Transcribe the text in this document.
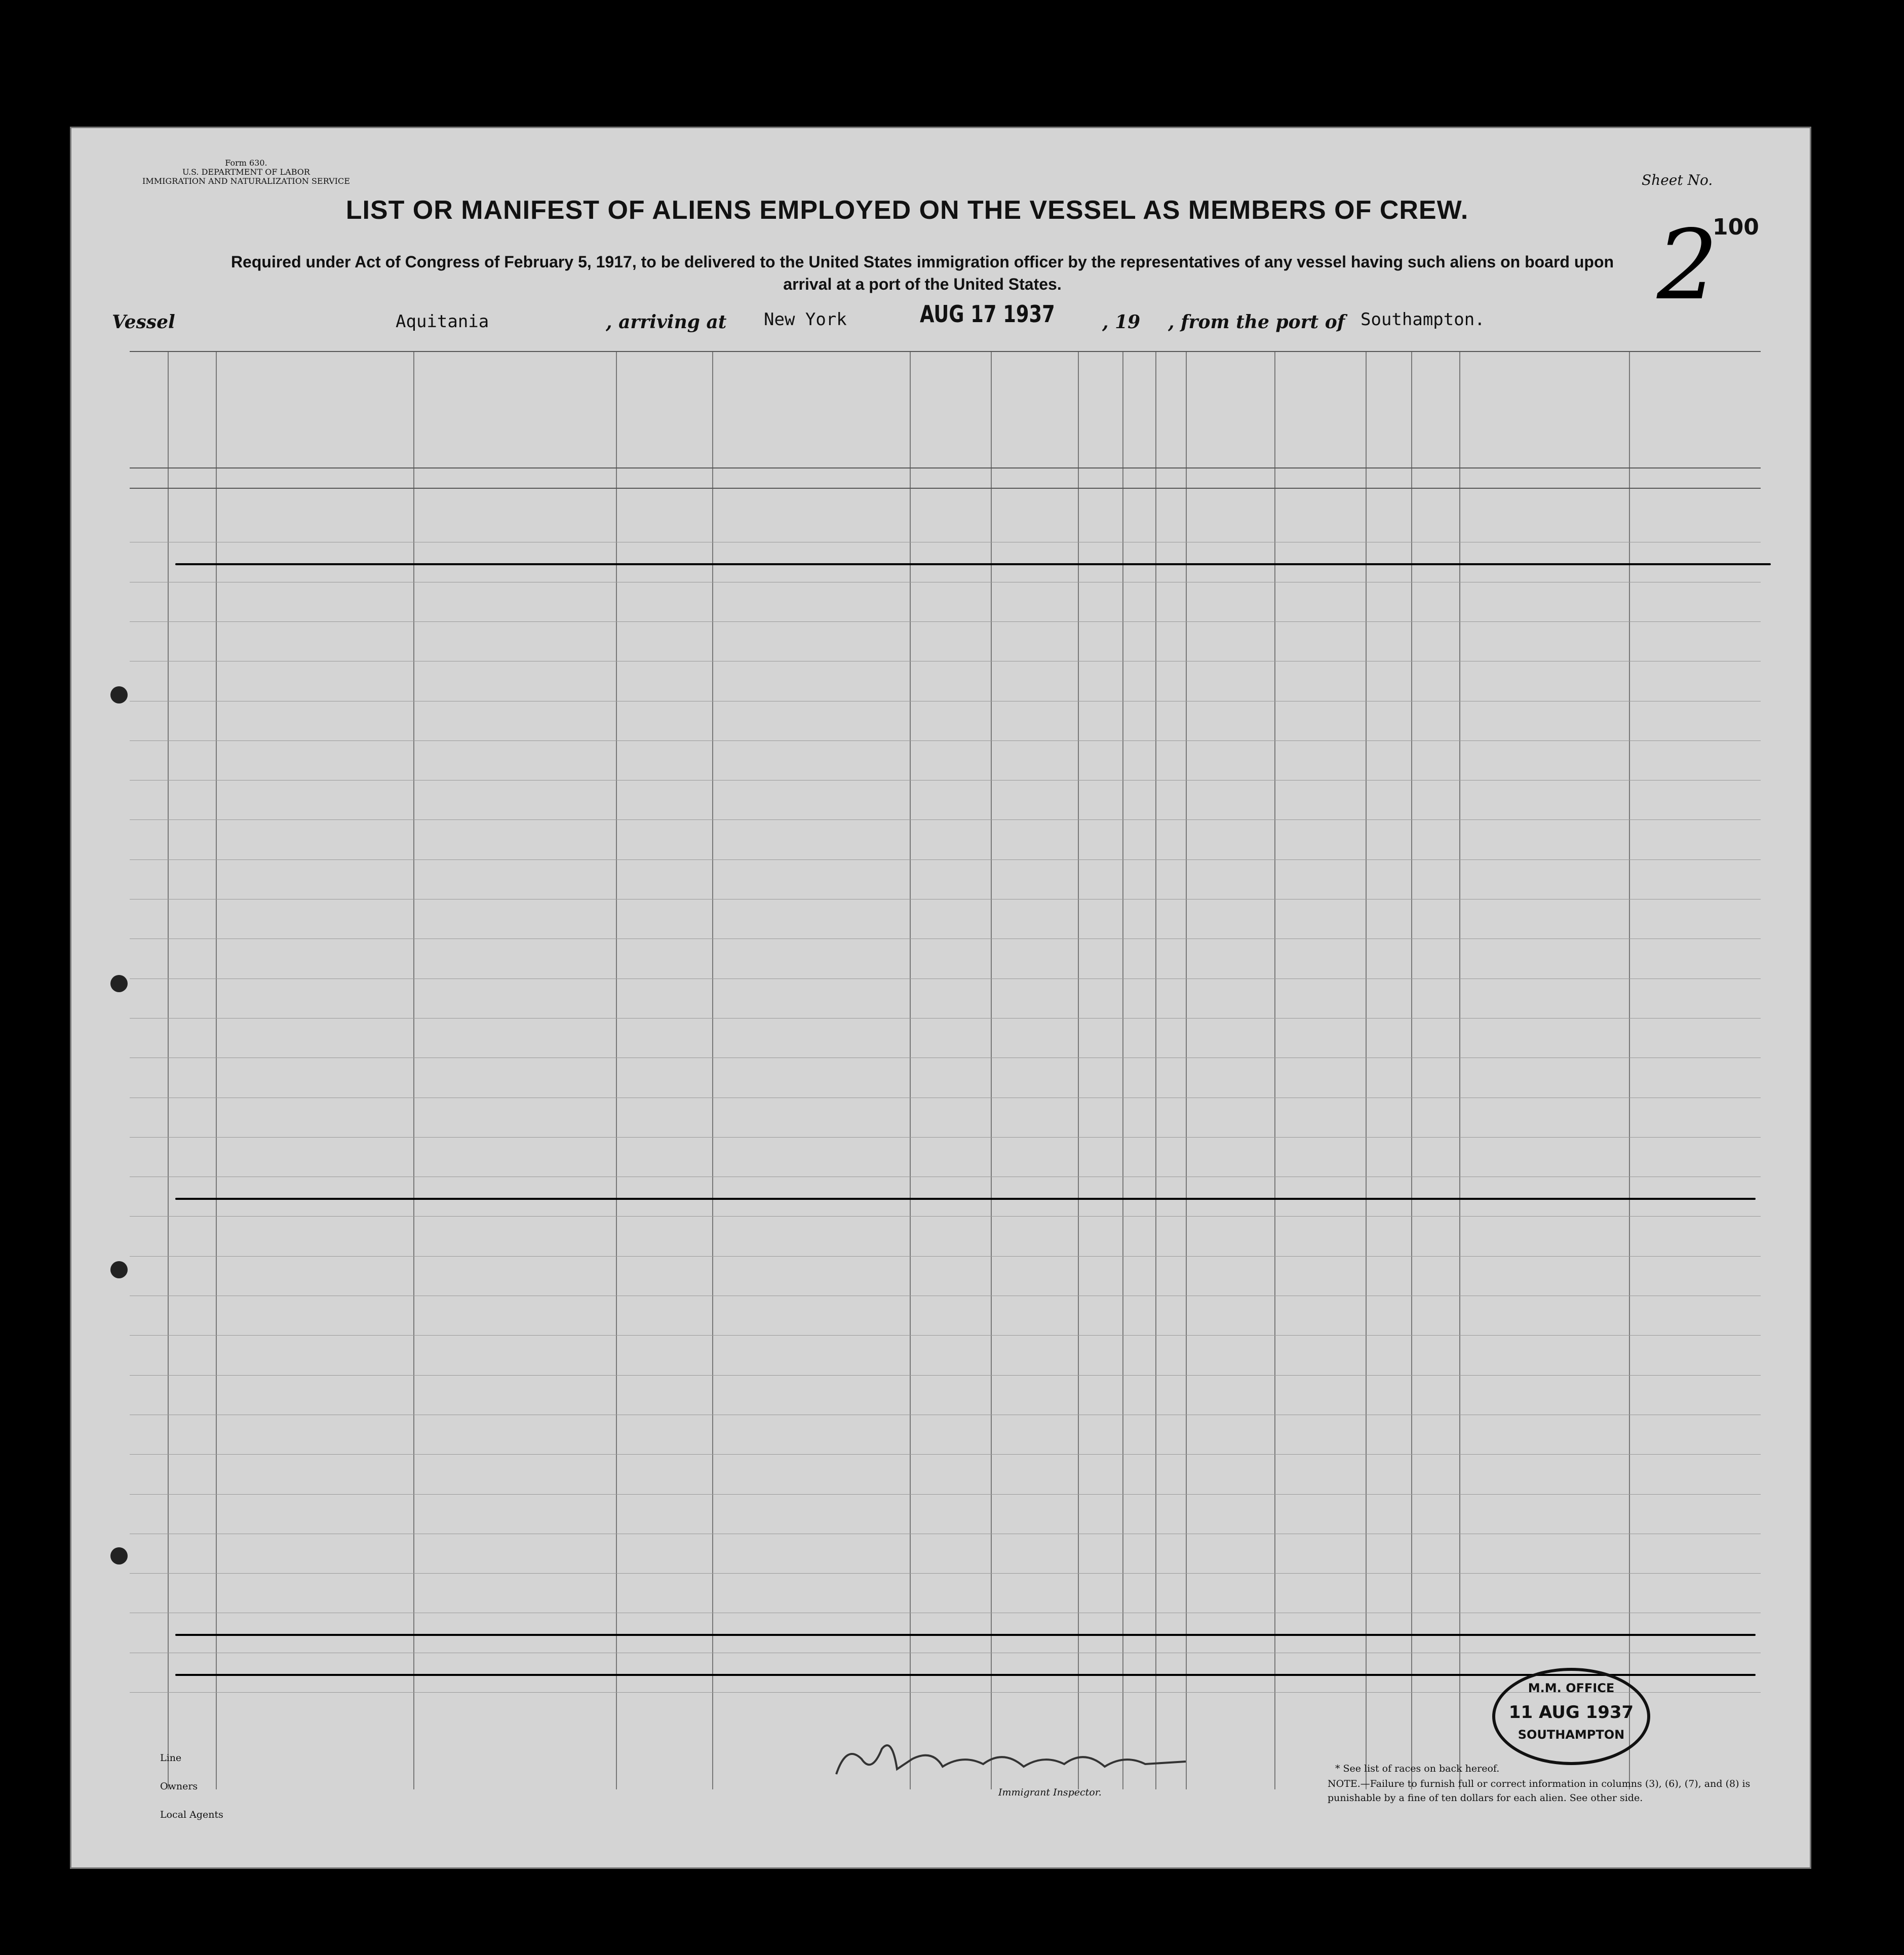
Form 630.
U.S. DEPARTMENT OF LABOR
IMMIGRATION AND NATURALIZATION SERVICE	Sheet No.
100
2
LIST OR MANIFEST OF ALIENS EMPLOYED ON THE VESSEL AS MEMBERS OF CREW.
Required under Act of Congress of February 5, 1917, to be delivered to the United States immigration officer by the representatives of any vessel having such aliens on board upon arrival at a port of the United States.
Vessel	Aquitania	, arriving at New York	AUG 17 1937	, 19 , from the port of Southampton.
Immigrant Inspector.
Line
Owners
Local Agents
* See list of races on back hereof.
NOTE.—Failure to furnish full or correct information in columns (3), (6), (7), and (8) is punishable by a fine of ten dollars for each alien. See other side.
M.M. OFFICE
11 AUG 1937
SOUTHAMPTON
